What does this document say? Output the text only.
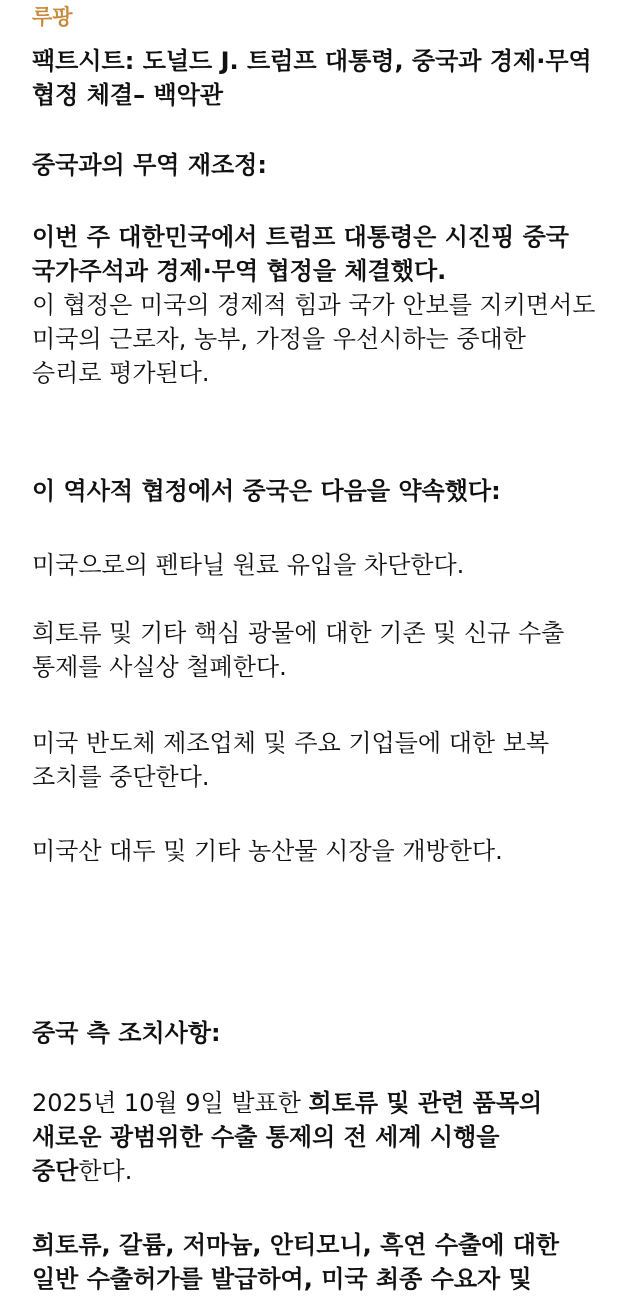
루팡
팩트시트: 도널드 J. 트럼프 대통령, 중국과 경제·무역
협정 체결– 백악관
중국과의 무역 재조정:
이번 주 대한민국에서 트럼프 대통령은 시진핑 중국
국가주석과 경제·무역 협정을 체결했다.
이 협정은 미국의 경제적 힘과 국가 안보를 지키면서도
미국의 근로자, 농부, 가정을 우선시하는 중대한
승리로 평가된다.
이 역사적 협정에서 중국은 다음을 약속했다:
미국으로의 펜타닐 원료 유입을 차단한다.
희토류 및 기타 핵심 광물에 대한 기존 및 신규 수출
통제를 사실상 철폐한다.
미국 반도체 제조업체 및 주요 기업들에 대한 보복
조치를 중단한다.
미국산 대두 및 기타 농산물 시장을 개방한다.
중국 측 조치사항:
2025년 10월 9일 발표한 희토류 및 관련 품목의
새로운 광범위한 수출 통제의 전 세계 시행을
중단한다.
희토류, 갈륨, 저마늄, 안티모니, 흑연 수출에 대한
일반 수출허가를 발급하여, 미국 최종 수요자 및
